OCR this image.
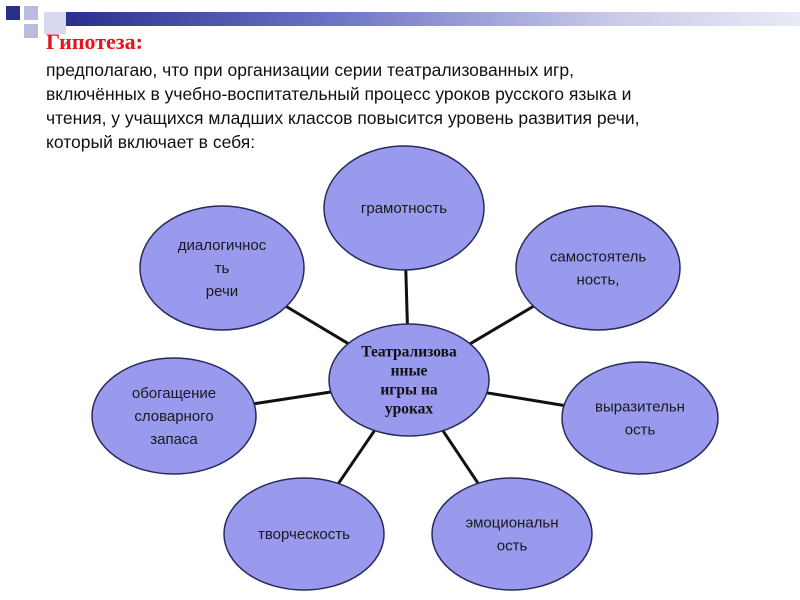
Гипотеза:
предполагаю, что при организации серии театрализованных игр,
включённых в учебно-воспитательный процесс уроков русского языка и
чтения, у учащихся младших классов повысится уровень развития речи,
который включает в себя:
грамотность
самостоятель
ность,
выразительн
ость
эмоциональн
ость
творческость
обогащение
словарного
запаса
диалогичнос
ть
речи
Театрализова
нные
игры на
уроках
